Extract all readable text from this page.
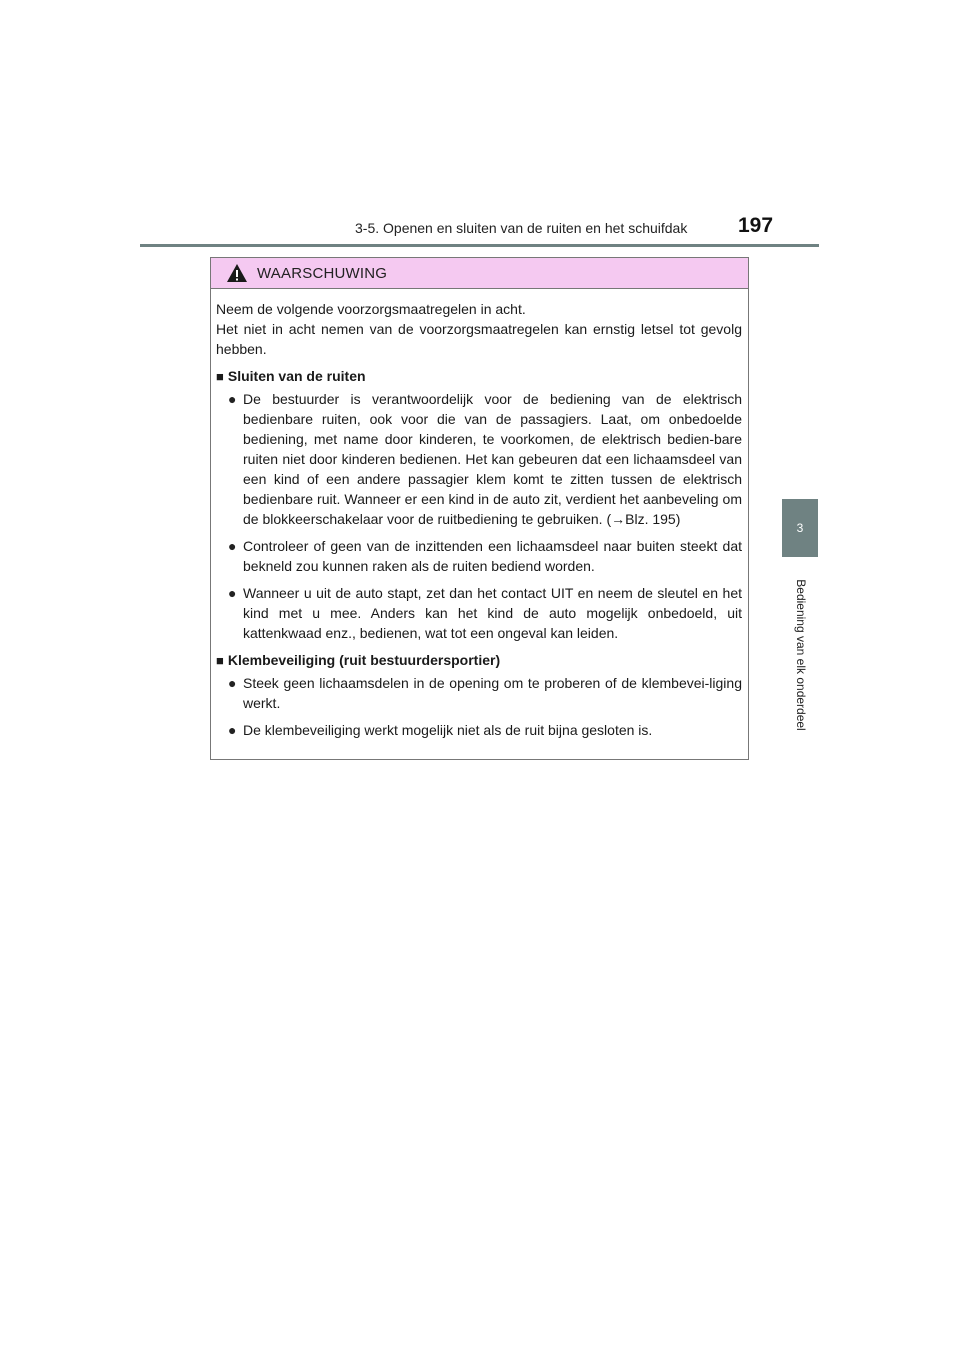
3-5. Openen en sluiten van de ruiten en het schuifdak 197
3
Bediening van elk onderdeel
WAARSCHUWING

Neem de volgende voorzorgsmaatregelen in acht.
Het niet in acht nemen van de voorzorgsmaatregelen kan ernstig letsel tot gevolg hebben.

■ Sluiten van de ruiten

● De bestuurder is verantwoordelijk voor de bediening van de elektrisch bedienbare ruiten, ook voor die van de passagiers. Laat, om onbedoelde bediening, met name door kinderen, te voorkomen, de elektrisch bedien-bare ruiten niet door kinderen bedienen. Het kan gebeuren dat een lichaamsdeel van een kind of een andere passagier klem komt te zitten tussen de elektrisch bedienbare ruit. Wanneer er een kind in de auto zit, verdient het aanbeveling om de blokkeerschakelaar voor de ruitbediening te gebruiken. (→Blz. 195)

● Controleer of geen van de inzittenden een lichaamsdeel naar buiten steekt dat bekneld zou kunnen raken als de ruiten bediend worden.

● Wanneer u uit de auto stapt, zet dan het contact UIT en neem de sleutel en het kind met u mee. Anders kan het kind de auto mogelijk onbedoeld, uit kattenkwaad enz., bedienen, wat tot een ongeval kan leiden.

■ Klembeveiliging (ruit bestuurdersportier)

● Steek geen lichaamsdelen in de opening om te proberen of de klembevei-liging werkt.

● De klembeveiliging werkt mogelijk niet als de ruit bijna gesloten is.
